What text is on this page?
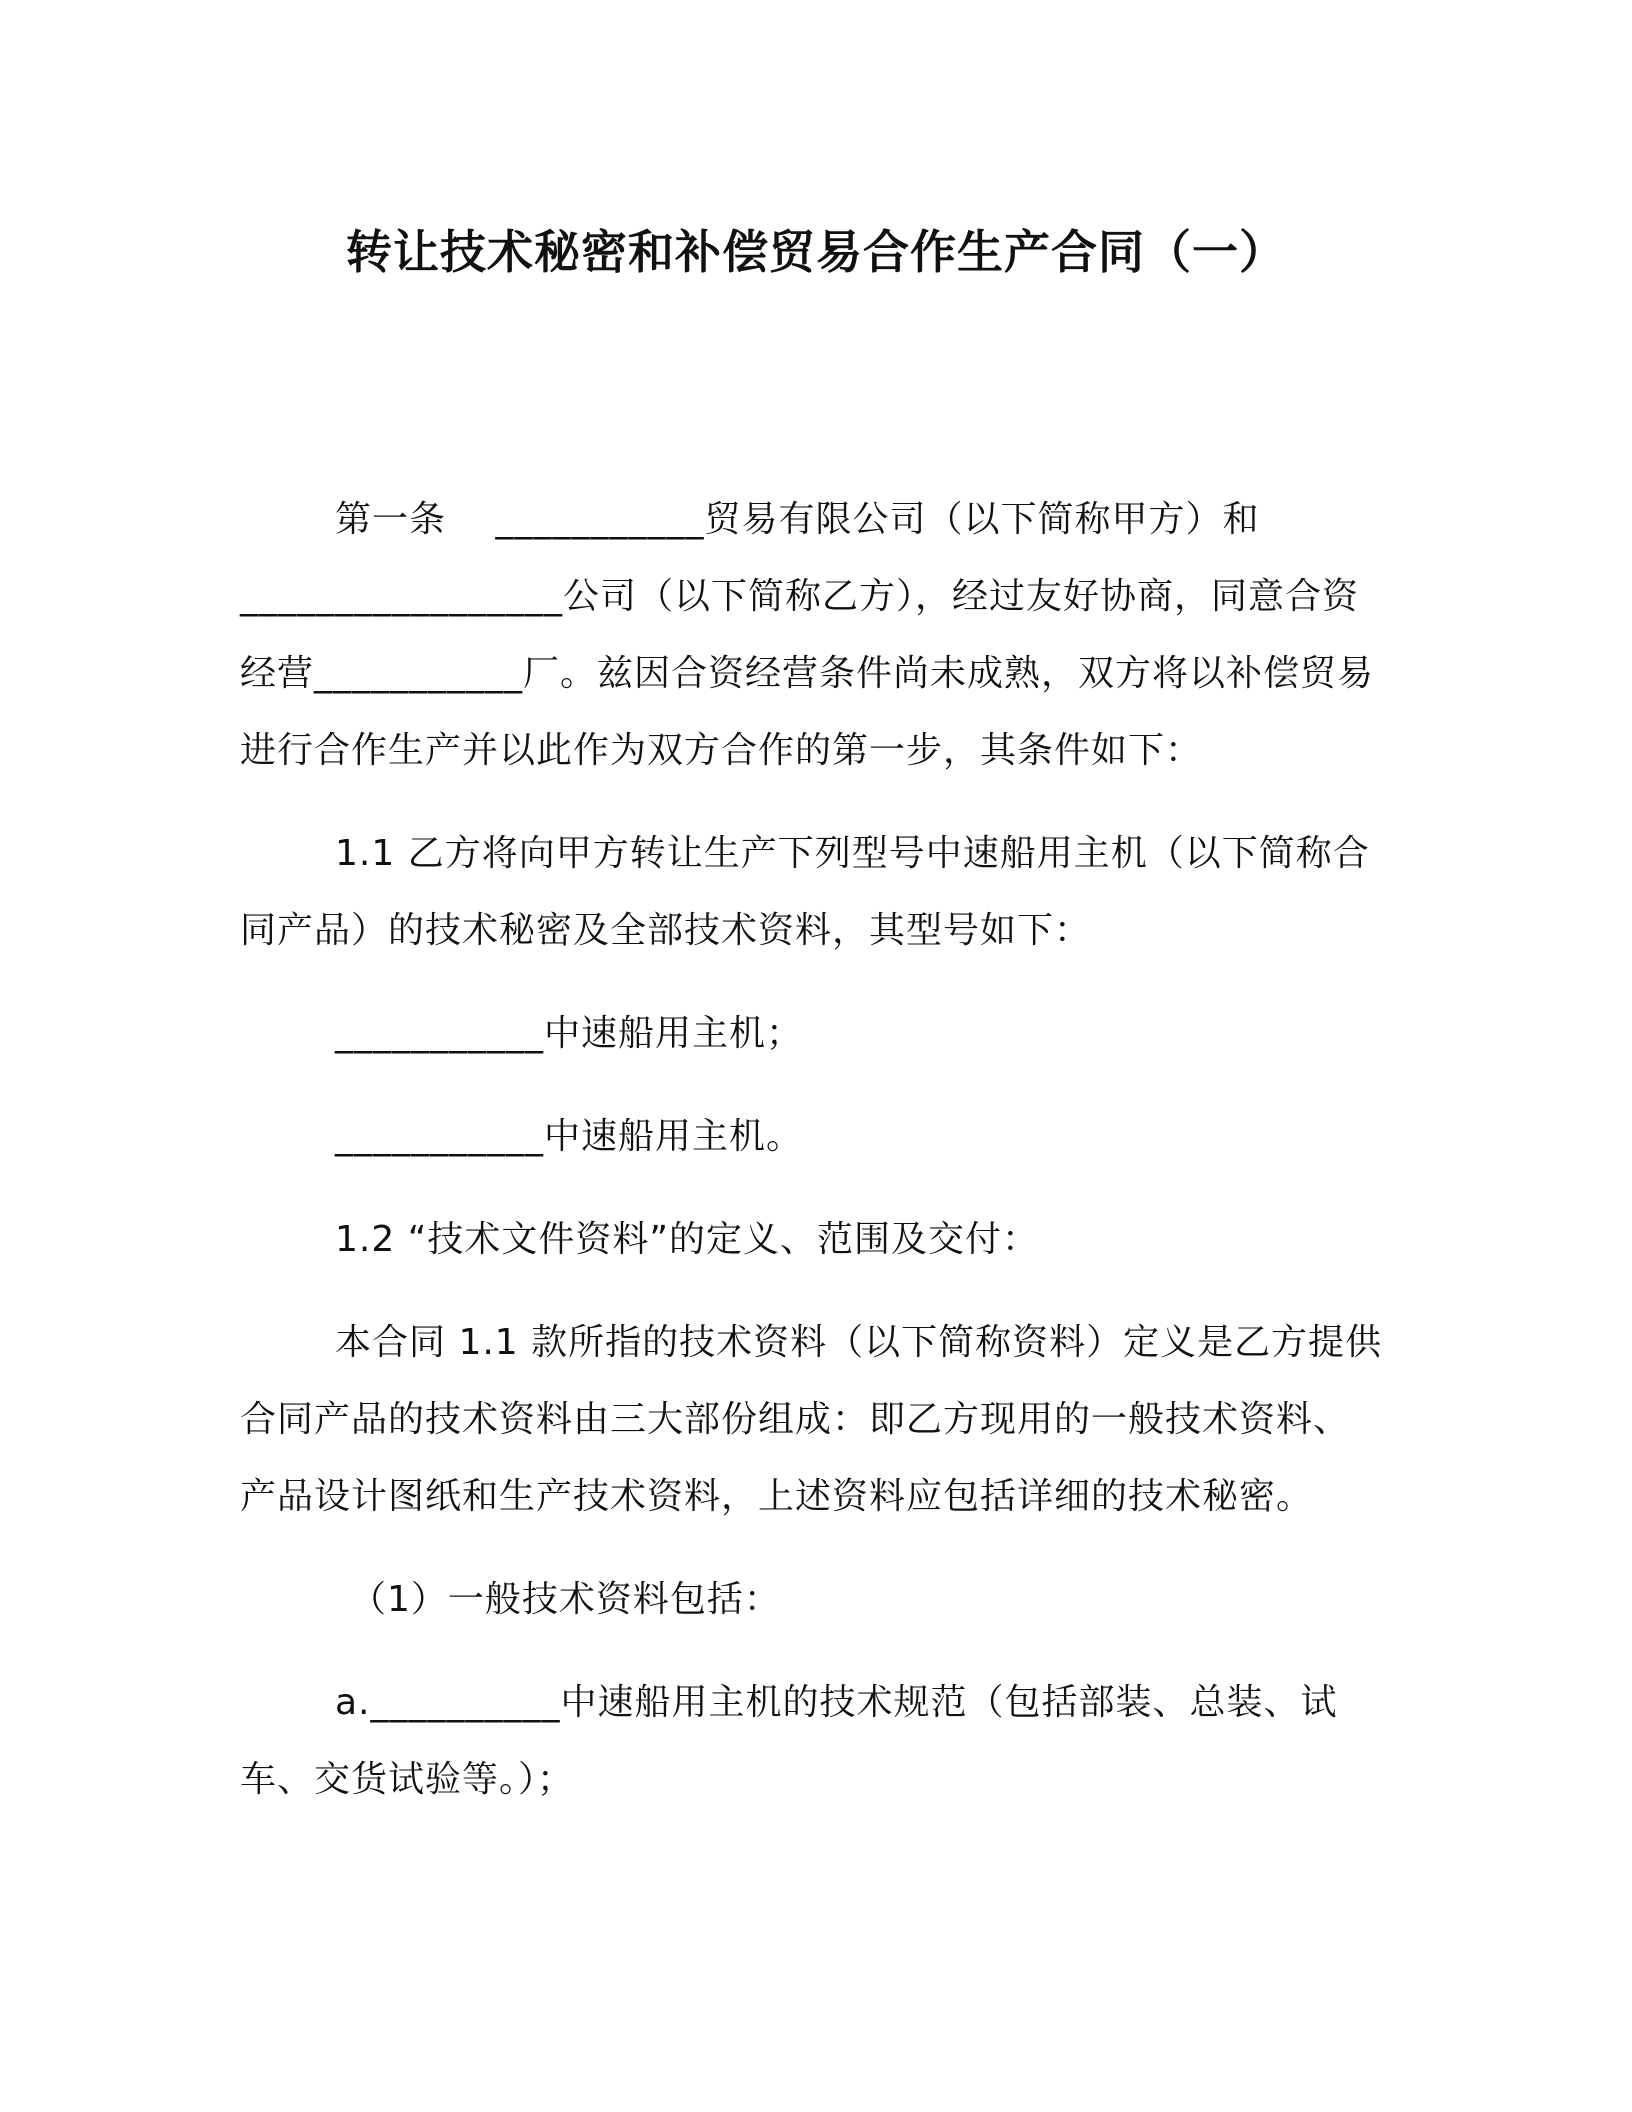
转让技术秘密和补偿贸易合作生产合同（一）
第一条　 ___________贸易有限公司（以下简称甲方）和
_________________公司（以下简称乙方），经过友好协商，同意合资
经营___________厂。兹因合资经营条件尚未成熟，双方将以补偿贸易
进行合作生产并以此作为双方合作的第一步，其条件如下：
1.1 乙方将向甲方转让生产下列型号中速船用主机（以下简称合
同产品）的技术秘密及全部技术资料，其型号如下：
___________中速船用主机；
___________中速船用主机。
1.2 “技术文件资料”的定义、范围及交付：
本合同 1.1 款所指的技术资料（以下简称资料）定义是乙方提供
合同产品的技术资料由三大部份组成：即乙方现用的一般技术资料、
产品设计图纸和生产技术资料，上述资料应包括详细的技术秘密。
（1）一般技术资料包括：
a.__________中速船用主机的技术规范（包括部装、总装、试
车、交货试验等。）；
